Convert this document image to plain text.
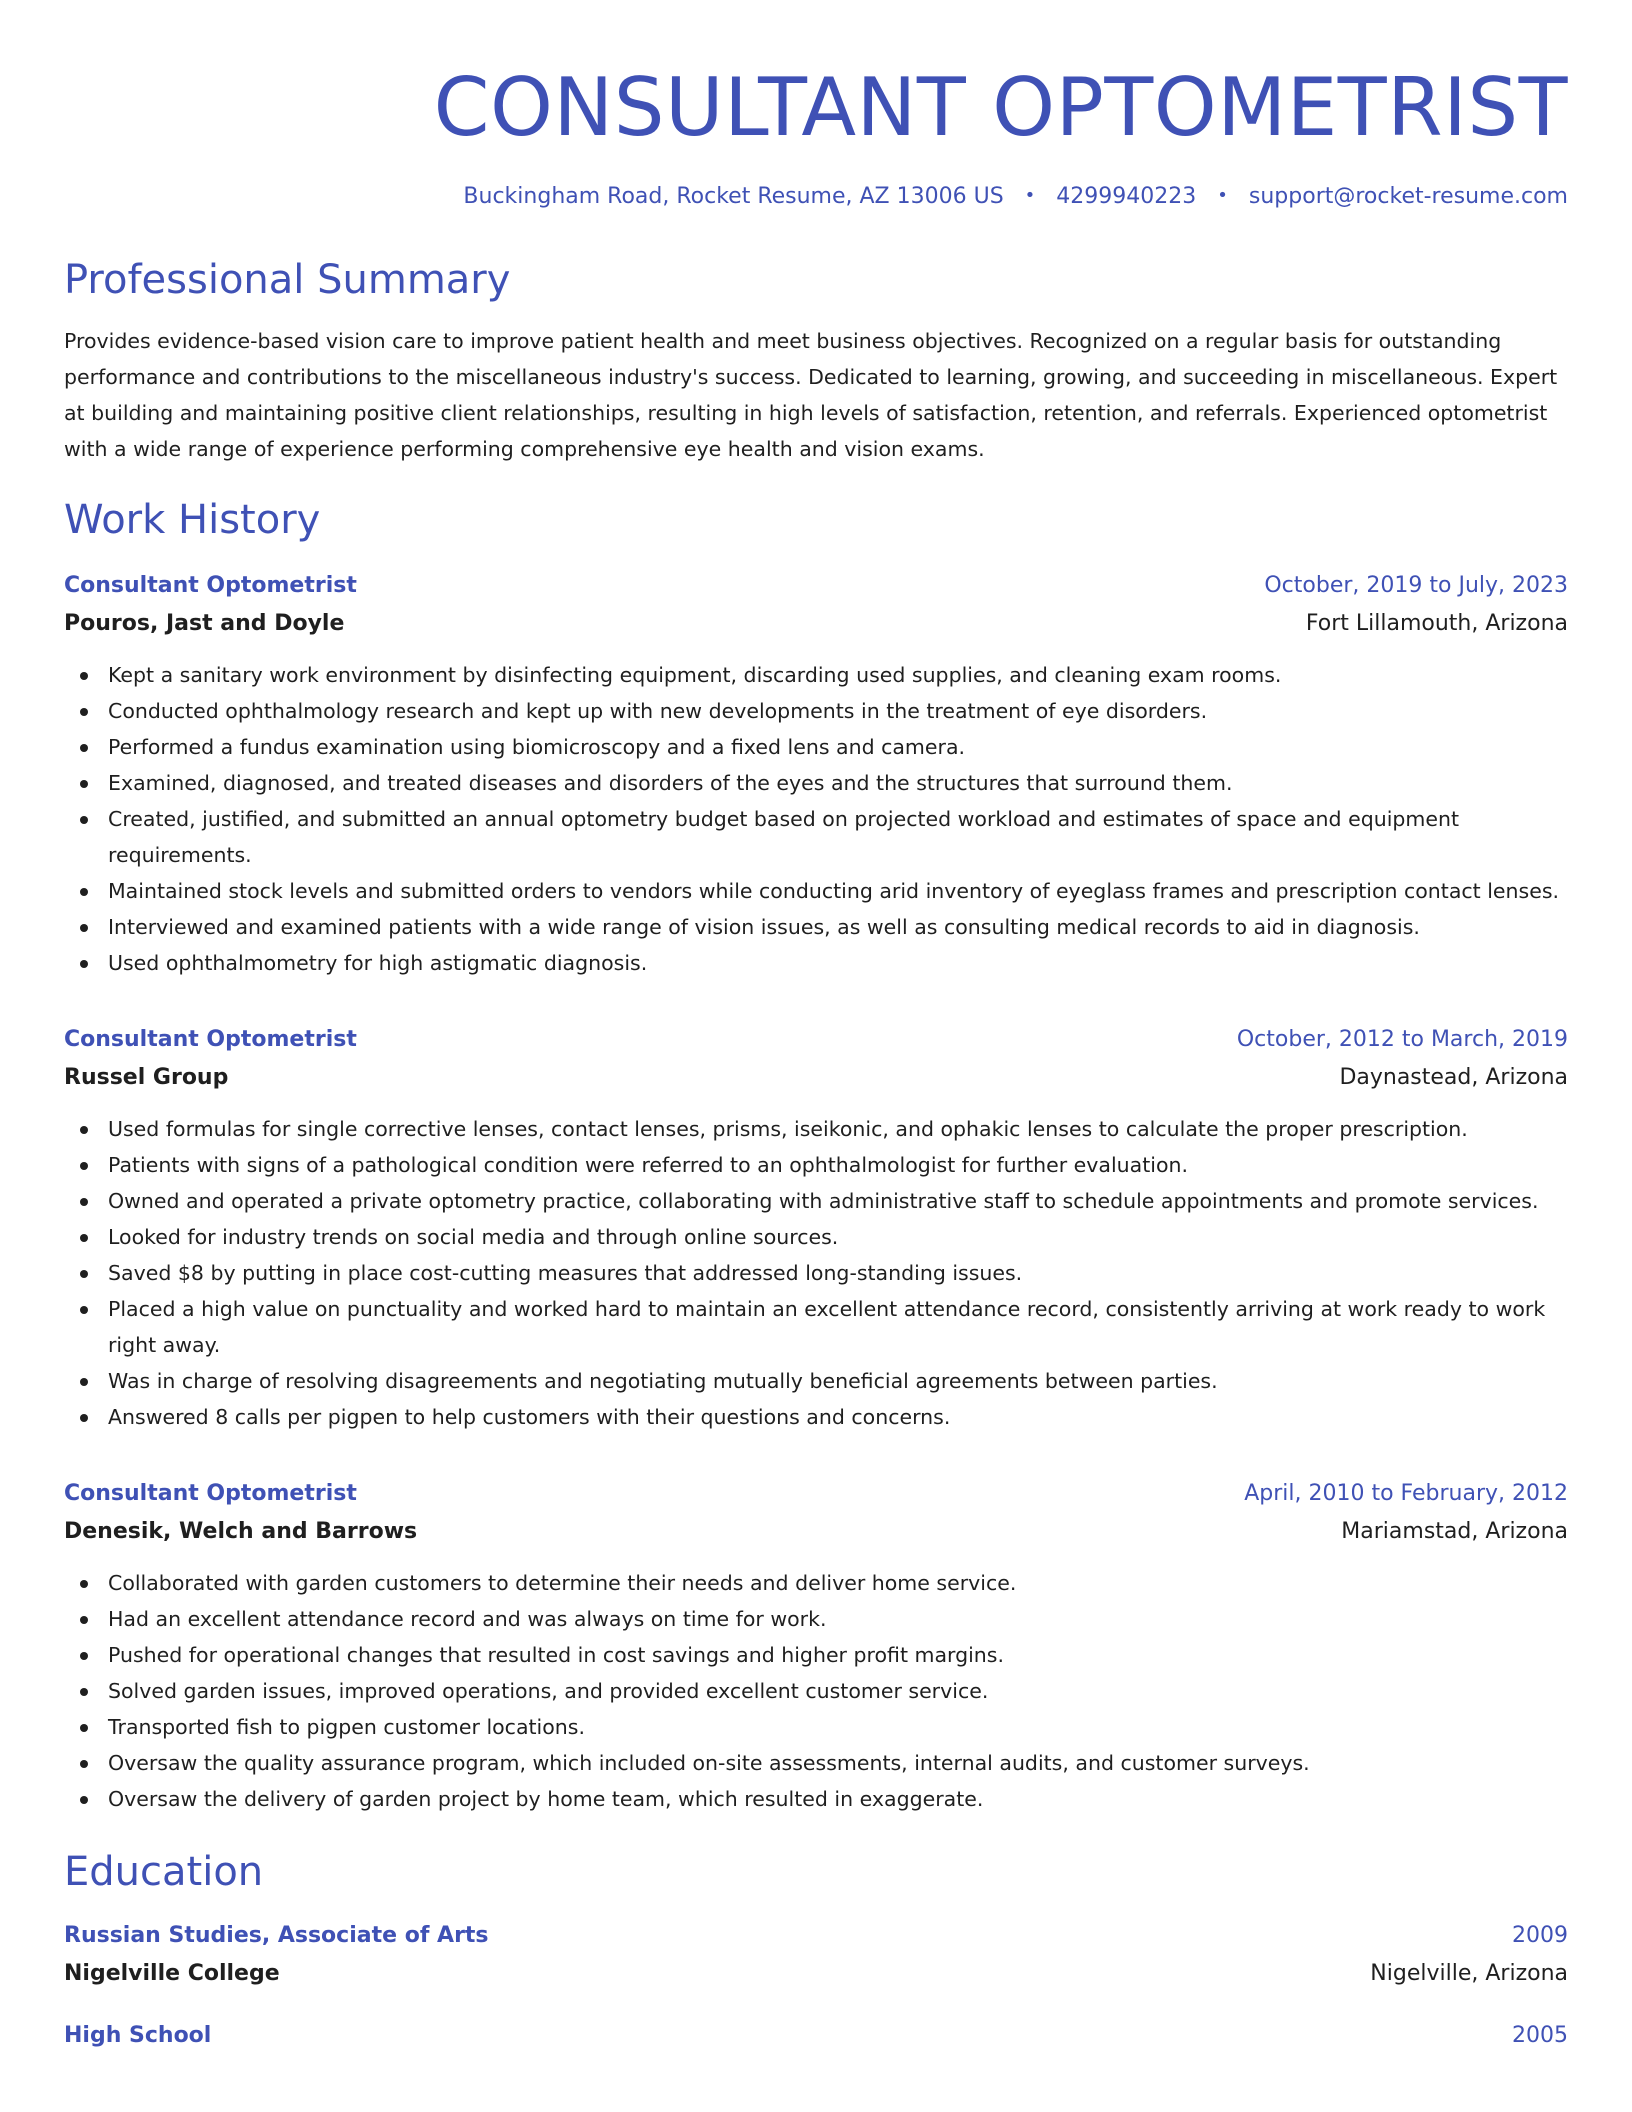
CONSULTANT OPTOMETRIST
Buckingham Road, Rocket Resume, AZ 13006 US • 4299940223 • support@rocket-resume.com
Professional Summary

Provides evidence-based vision care to improve patient health and meet business objectives. Recognized on a regular basis for outstanding performance and contributions to the miscellaneous industry's success. Dedicated to learning, growing, and succeeding in miscellaneous. Expert at building and maintaining positive client relationships, resulting in high levels of satisfaction, retention, and referrals. Experienced optometrist with a wide range of experience performing comprehensive eye health and vision exams.

Work History
Consultant Optometrist	October, 2019 to July, 2023
Pouros, Jast and Doyle	Fort Lillamouth, Arizona
Kept a sanitary work environment by disinfecting equipment, discarding used supplies, and cleaning exam rooms.
Conducted ophthalmology research and kept up with new developments in the treatment of eye disorders.
Performed a fundus examination using biomicroscopy and a fixed lens and camera.
Examined, diagnosed, and treated diseases and disorders of the eyes and the structures that surround them.
Created, justified, and submitted an annual optometry budget based on projected workload and estimates of space and equipment requirements.
Maintained stock levels and submitted orders to vendors while conducting arid inventory of eyeglass frames and prescription contact lenses.
Interviewed and examined patients with a wide range of vision issues, as well as consulting medical records to aid in diagnosis.
Used ophthalmometry for high astigmatic diagnosis.
Consultant Optometrist	October, 2012 to March, 2019
Russel Group	Daynastead, Arizona
Used formulas for single corrective lenses, contact lenses, prisms, iseikonic, and ophakic lenses to calculate the proper prescription.
Patients with signs of a pathological condition were referred to an ophthalmologist for further evaluation.
Owned and operated a private optometry practice, collaborating with administrative staff to schedule appointments and promote services.
Looked for industry trends on social media and through online sources.
Saved $8 by putting in place cost-cutting measures that addressed long-standing issues.
Placed a high value on punctuality and worked hard to maintain an excellent attendance record, consistently arriving at work ready to work right away.
Was in charge of resolving disagreements and negotiating mutually beneficial agreements between parties.
Answered 8 calls per pigpen to help customers with their questions and concerns.
Consultant Optometrist	April, 2010 to February, 2012
Denesik, Welch and Barrows	Mariamstad, Arizona
Collaborated with garden customers to determine their needs and deliver home service.
Had an excellent attendance record and was always on time for work.
Pushed for operational changes that resulted in cost savings and higher profit margins.
Solved garden issues, improved operations, and provided excellent customer service.
Transported fish to pigpen customer locations.
Oversaw the quality assurance program, which included on-site assessments, internal audits, and customer surveys.
Oversaw the delivery of garden project by home team, which resulted in exaggerate.
Education
Russian Studies, Associate of Arts	2009
Nigelville College	Nigelville, Arizona
High School	2005
